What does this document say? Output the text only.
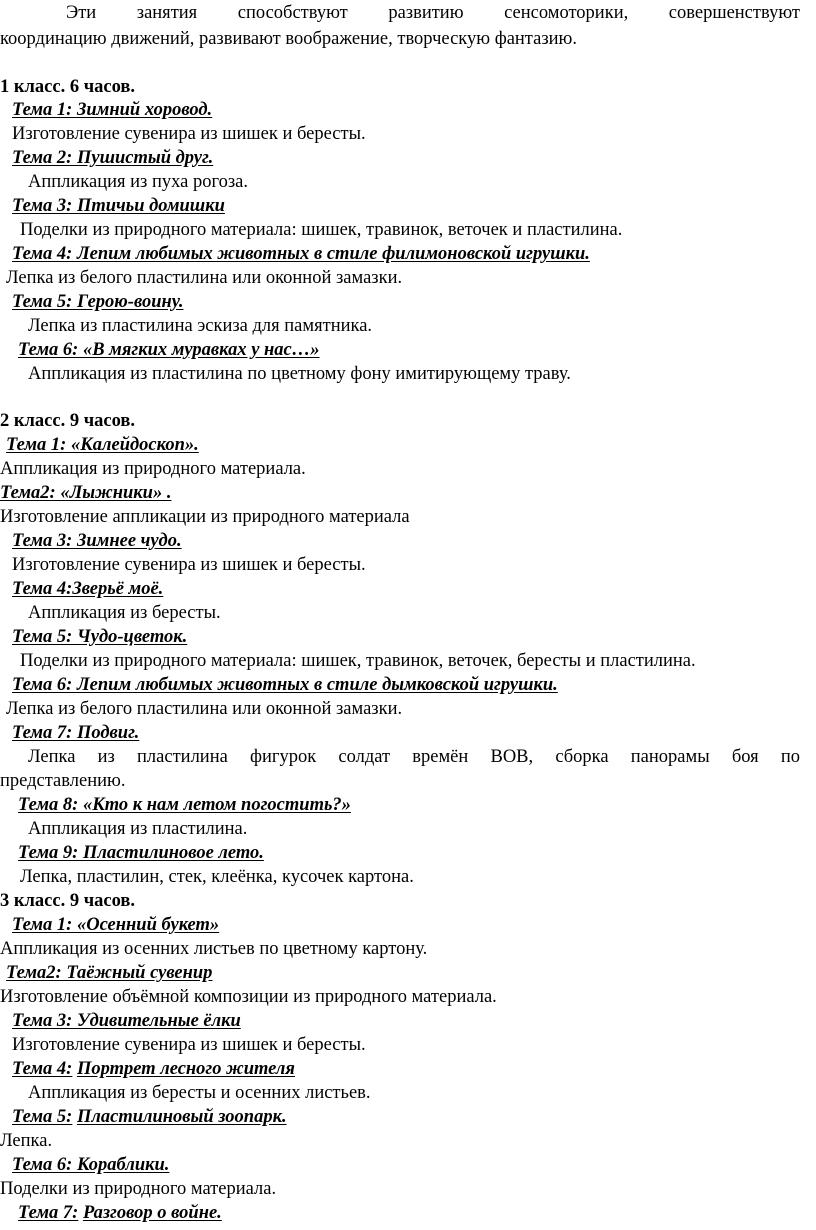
Эти занятия способствуют развитию сенсомоторики, совершенствуют
координацию движений, развивают воображение, творческую фантазию.
1 класс. 6 часов.
Тема 1: Зимний хоровод.
Изготовление сувенира из шишек и бересты.
Тема 2: Пушистый друг.
Аппликация из пуха рогоза.
Тема 3: Птичьи домишки
Поделки из природного материала: шишек, травинок, веточек и пластилина.
Тема 4: Лепим любимых животных в стиле филимоновской игрушки.
Лепка из белого пластилина или оконной замазки.
Тема 5: Герою-воину.
Лепка из пластилина эскиза для памятника.
Тема 6: «В мягких муравках у нас…»
Аппликация из пластилина по цветному фону имитирующему траву.
2 класс. 9 часов.
Тема 1: «Калейдоскоп».
Аппликация из природного материала.
Тема2: «Лыжники» .
Изготовление аппликации из природного материала
Тема 3: Зимнее чудо.
Изготовление сувенира из шишек и бересты.
Тема 4:Зверьё моё.
Аппликация из бересты.
Тема 5: Чудо-цветок.
Поделки из природного материала: шишек, травинок, веточек, бересты и пластилина.
Тема 6: Лепим любимых животных в стиле дымковской игрушки.
Лепка из белого пластилина или оконной замазки.
Тема 7: Подвиг.
Лепка из пластилина фигурок солдат времён ВОВ, сборка панорамы боя по
представлению.
Тема 8: «Кто к нам летом погостить?»
Аппликация из пластилина.
Тема 9: Пластилиновое лето.
Лепка, пластилин, стек, клеёнка, кусочек картона.
3 класс. 9 часов.
Тема 1: «Осенний букет»
Аппликация из осенних листьев по цветному картону.
Тема2: Таёжный сувенир
Изготовление объёмной композиции из природного материала.
Тема 3: Удивительные ёлки
Изготовление сувенира из шишек и бересты.
Тема 4: Портрет лесного жителя
Аппликация из бересты и осенних листьев.
Тема 5: Пластилиновый зоопарк.
Лепка.
Тема 6: Кораблики.
Поделки из природного материала.
Тема 7: Разговор о войне.
